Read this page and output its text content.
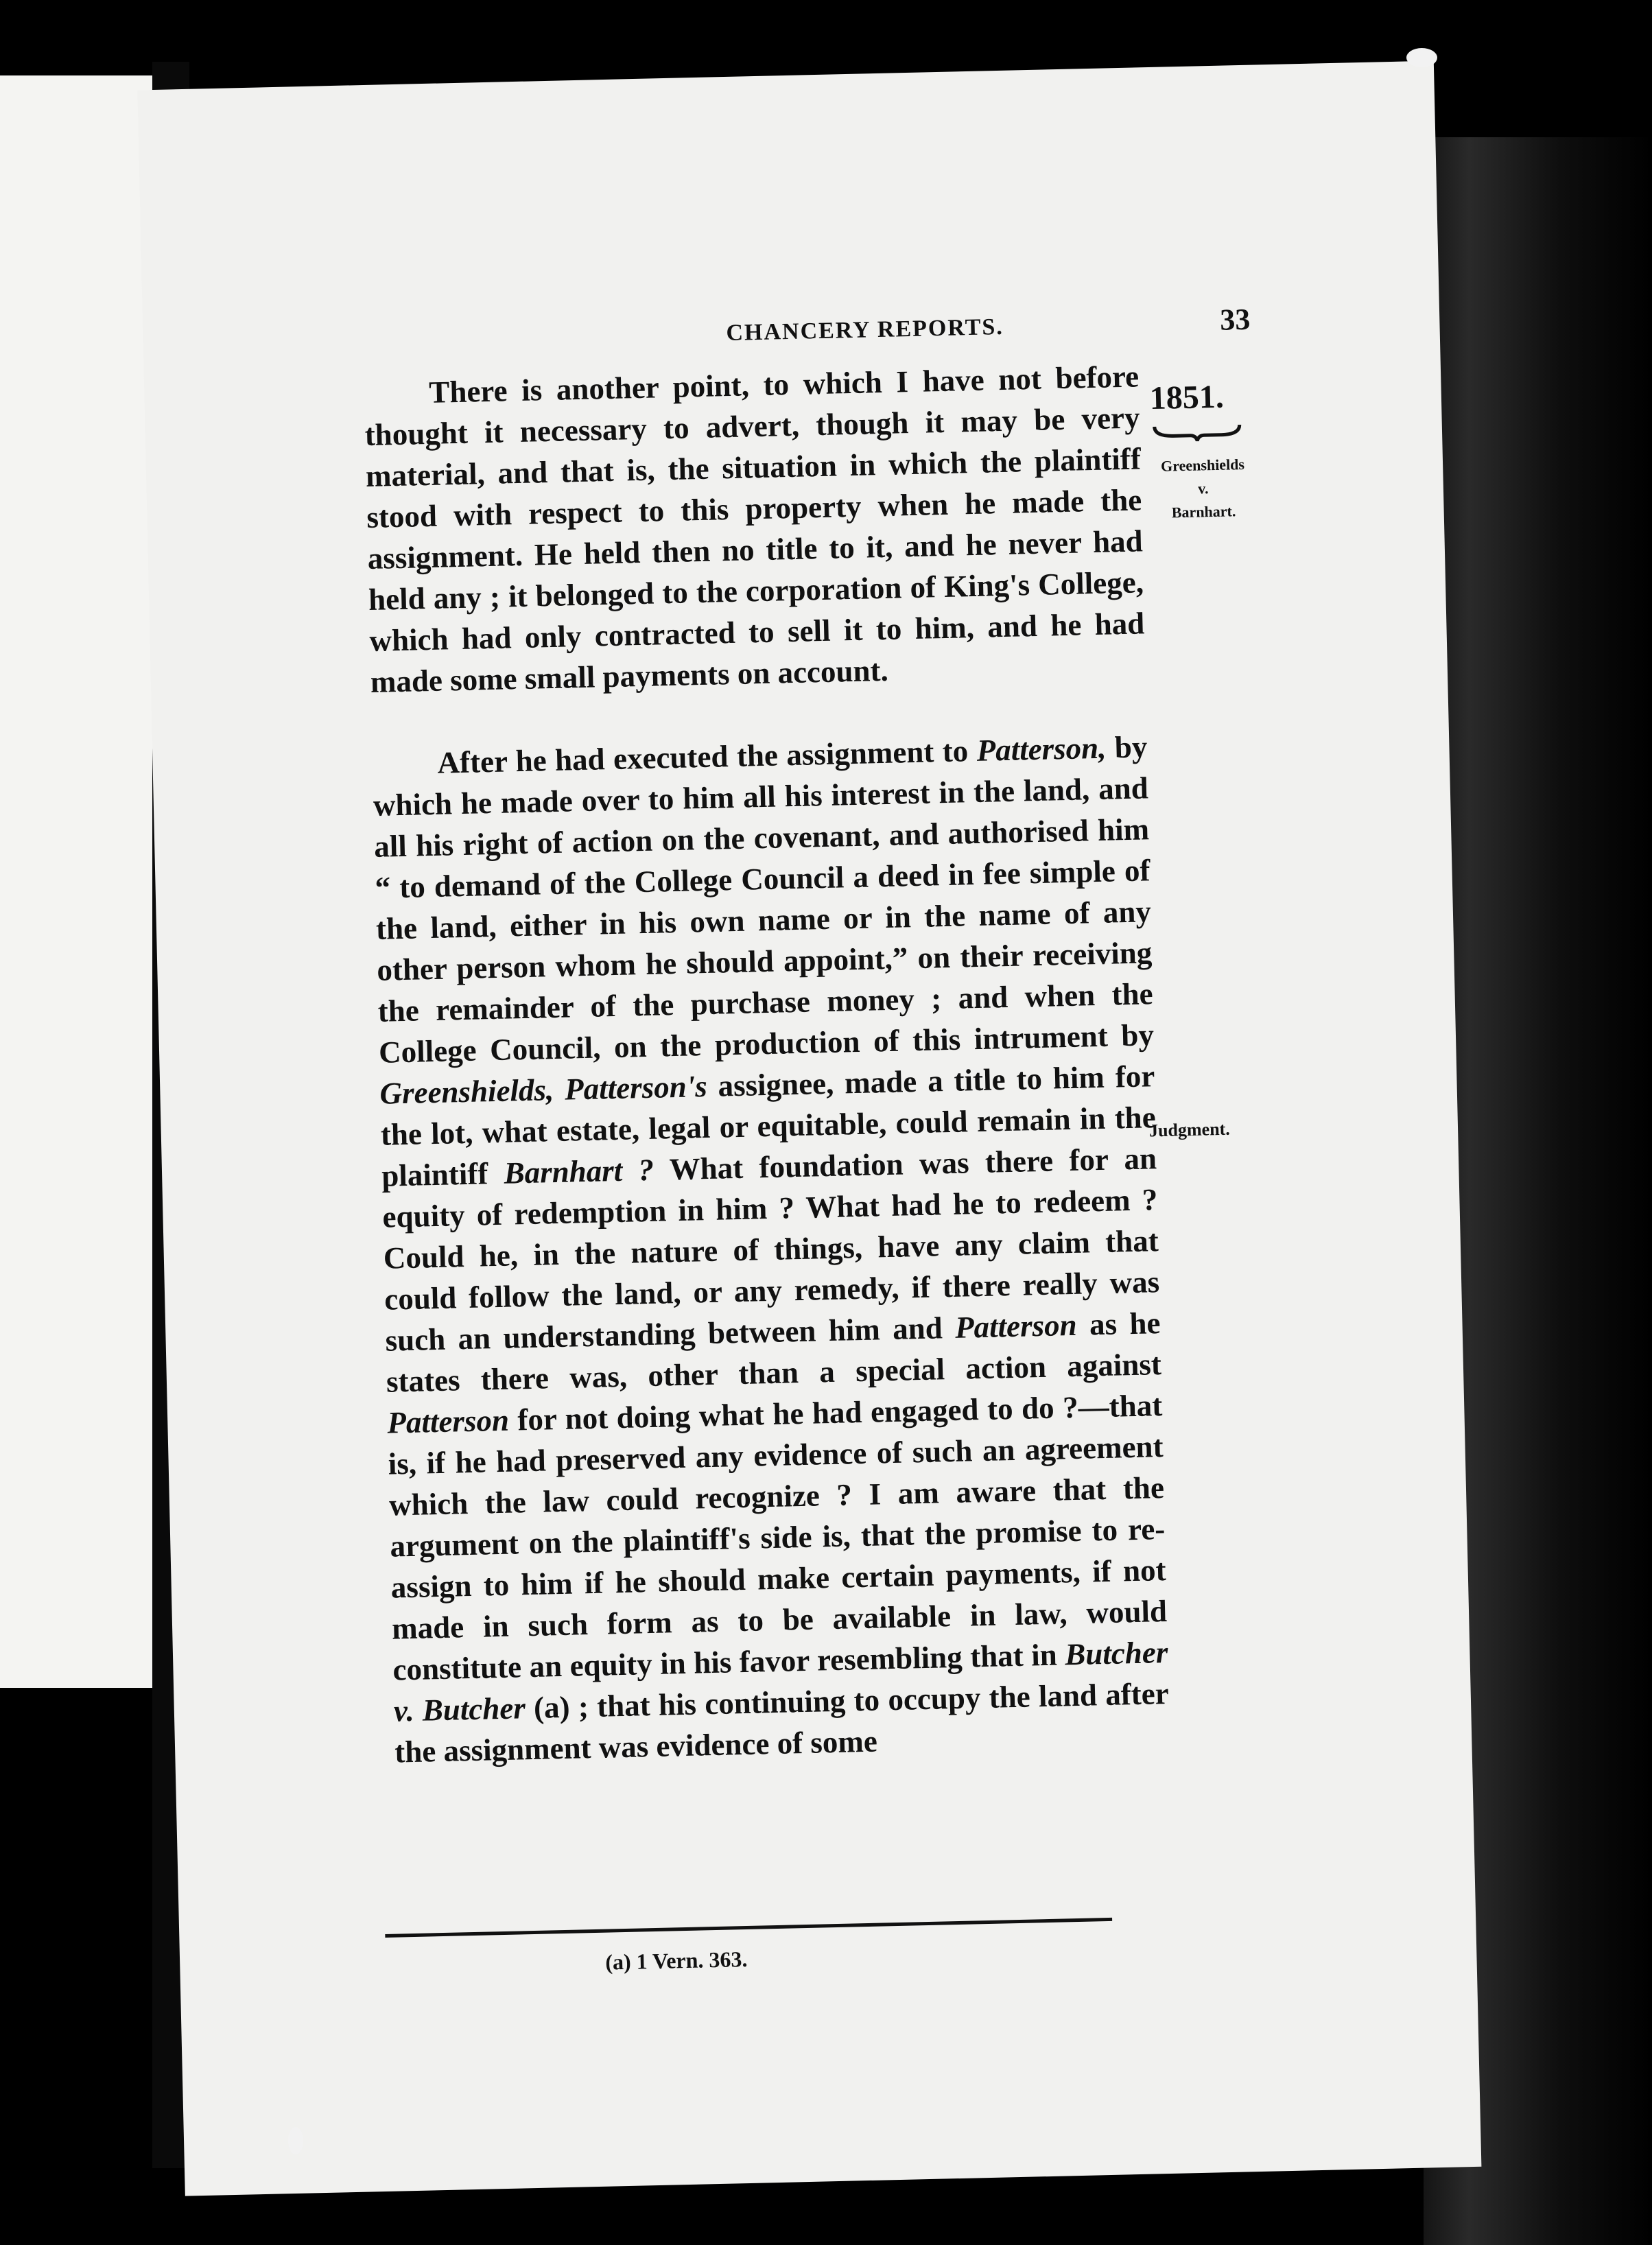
CHANCERY REPORTS.	33

There is another point, to which I have not before thought it necessary to advert, though it may be very material, and that is, the situation in which the plaintiff stood with respect to this property when he made the assignment. He held then no title to it, and he never had held any ; it belonged to the corporation of King's College, which had only contracted to sell it to him, and he had made some small payments on account.

After he had executed the assignment to Patterson, by which he made over to him all his interest in the land, and all his right of action on the covenant, and authorised him “ to demand of the College Council a deed in fee simple of the land, either in his own name or in the name of any other person whom he should appoint,” on their receiving the remainder of the purchase money ; and when the College Council, on the production of this intrument by Greenshields, Patterson's assignee, made a title to him for the lot, what estate, legal or equitable, could remain in the plaintiff Barnhart ? What foundation was there for an equity of redemption in him ? What had he to redeem ? Could he, in the nature of things, have any claim that could follow the land, or any remedy, if there really was such an understanding between him and Patterson as he states there was, other than a special action against Patterson for not doing what he had engaged to do ?—that is, if he had preserved any evidence of such an agreement which the law could recognize ? I am aware that the argument on the plaintiff's side is, that the promise to re-assign to him if he should make certain payments, if not made in such form as to be available in law, would constitute an equity in his favor resembling that in Butcher v. Butcher (a) ; that his continuing to occupy the land after the assignment was evidence of some

1851.
Greenshields
v.
Barnhart.
Judgment.
(a) 1 Vern. 363.
